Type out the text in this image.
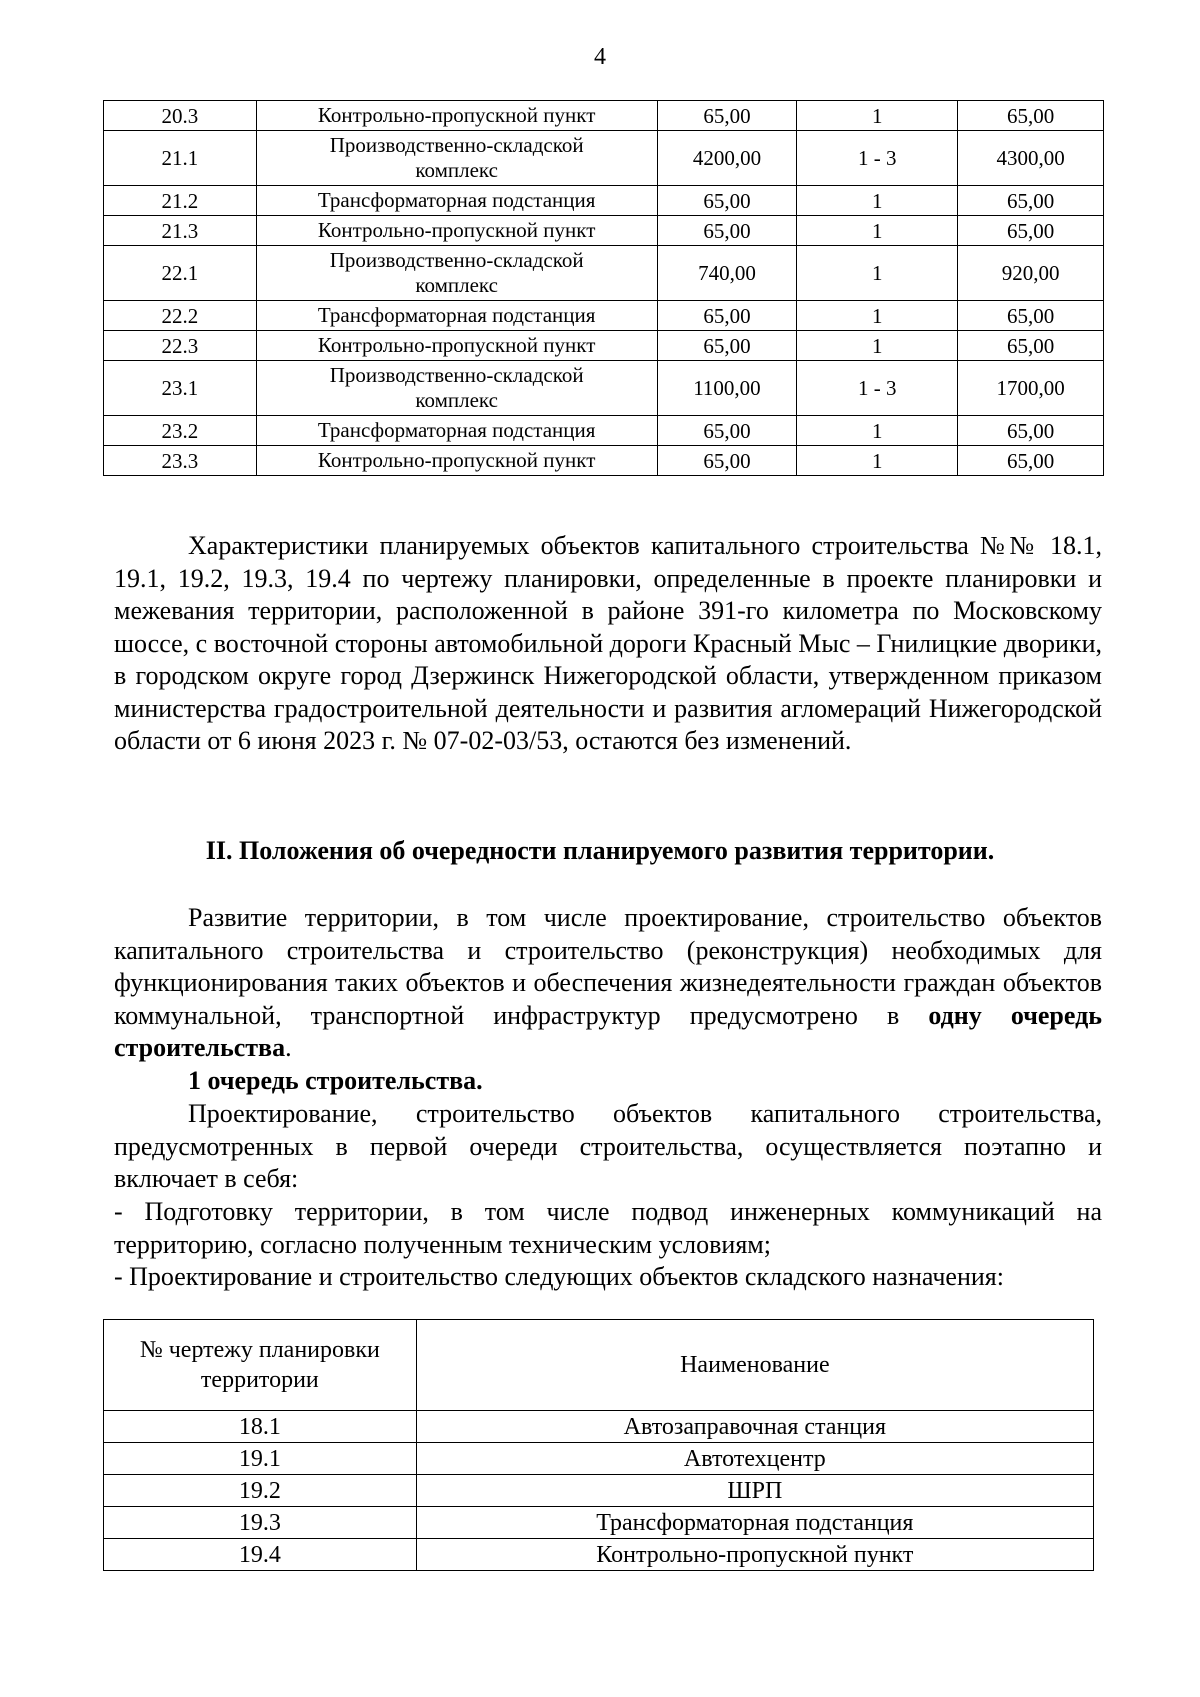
4
20.3	Контрольно-пропускной пункт	65,00	1	65,00
21.1	Производственно-складской комплекс	4200,00	1 - 3	4300,00
21.2	Трансформаторная подстанция	65,00	1	65,00
21.3	Контрольно-пропускной пункт	65,00	1	65,00
22.1	Производственно-складской комплекс	740,00	1	920,00
22.2	Трансформаторная подстанция	65,00	1	65,00
22.3	Контрольно-пропускной пункт	65,00	1	65,00
23.1	Производственно-складской комплекс	1100,00	1 - 3	1700,00
23.2	Трансформаторная подстанция	65,00	1	65,00
23.3	Контрольно-пропускной пункт	65,00	1	65,00

Характеристики планируемых объектов капитального строительства №№ 18.1, 19.1, 19.2, 19.3, 19.4 по чертежу планировки, определенные в проекте планировки и межевания территории, расположенной в районе 391-го километра по Московскому шоссе, с восточной стороны автомобильной дороги Красный Мыс – Гнилицкие дворики, в городском округе город Дзержинск Нижегородской области, утвержденном приказом министерства градостроительной деятельности и развития агломераций Нижегородской области от 6 июня 2023 г. № 07-02-03/53, остаются без изменений.

II. Положения об очередности планируемого развития территории.

Развитие территории, в том числе проектирование, строительство объектов капитального строительства и строительство (реконструкция) необходимых для функционирования таких объектов и обеспечения жизнедеятельности граждан объектов коммунальной, транспортной инфраструктур предусмотрено в одну очередь строительства.

1 очередь строительства.

Проектирование, строительство объектов капитального строительства, предусмотренных в первой очереди строительства, осуществляется поэтапно и включает в себя:

- Подготовку территории, в том числе подвод инженерных коммуникаций на территорию, согласно полученным техническим условиям;

- Проектирование и строительство следующих объектов складского назначения:

№ чертежу планировки территории	Наименование
18.1	Автозаправочная станция
19.1	Автотехцентр
19.2	ШРП
19.3	Трансформаторная подстанция
19.4	Контрольно-пропускной пункт
